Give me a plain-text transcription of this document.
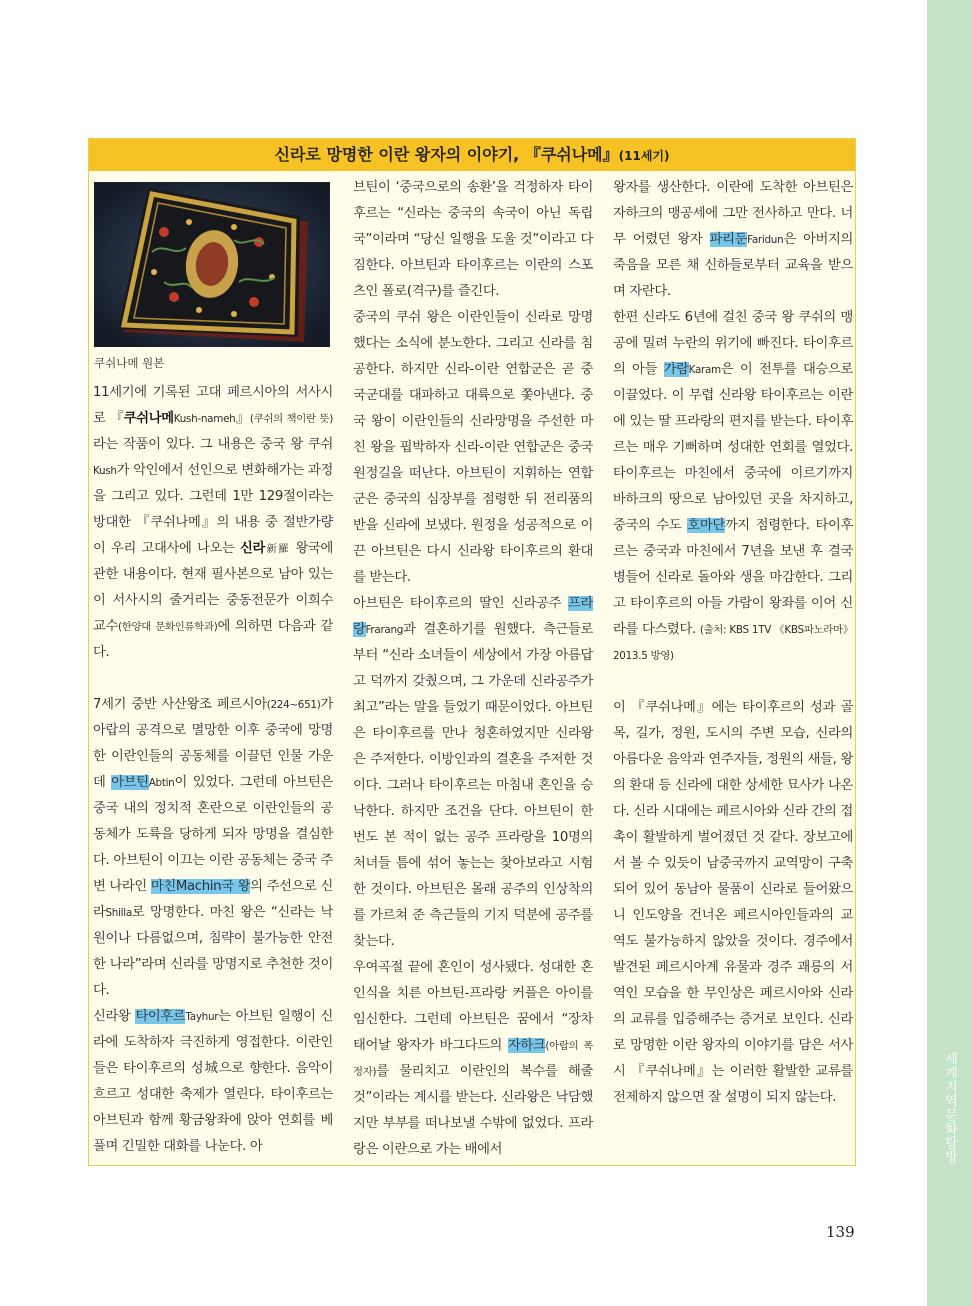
세계지역문화탐방
신라로 망명한 이란 왕자의 이야기, 『쿠쉬나메』(11세기)
쿠쉬나메 원본

11세기에 기록된 고대 페르시아의 서사시로 『쿠쉬나메Kush-nameh』(쿠쉬의 책이란 뜻)라는 작품이 있다. 그 내용은 중국 왕 쿠쉬Kush가 악인에서 선인으로 변화해가는 과정을 그리고 있다. 그런데 1만 129절이라는 방대한 『쿠쉬나메』의 내용 중 절반가량이 우리 고대사에 나오는 신라新羅 왕국에 관한 내용이다. 현재 필사본으로 남아 있는 이 서사시의 줄거리는 중동전문가 이희수 교수(한양대 문화인류학과)에 의하면 다음과 같다.

7세기 중반 사산왕조 페르시아(224~651)가 아랍의 공격으로 멸망한 이후 중국에 망명한 이란인들의 공동체를 이끌던 인물 가운데 아브틴Abtin이 있었다. 그런데 아브틴은 중국 내의 정치적 혼란으로 이란인들의 공동체가 도륙을 당하게 되자 망명을 결심한다. 아브틴이 이끄는 이란 공동체는 중국 주변 나라인 마친Machin국 왕의 주선으로 신라Shilla로 망명한다. 마친 왕은 “신라는 낙원이나 다름없으며, 침략이 불가능한 안전한 나라”라며 신라를 망명지로 추천한 것이다.

신라왕 타이후르Tayhur는 아브틴 일행이 신라에 도착하자 극진하게 영접한다. 이란인들은 타이후르의 성城으로 향한다. 음악이 흐르고 성대한 축제가 열린다. 타이후르는 아브틴과 함께 황금왕좌에 앉아 연회를 베풀며 긴밀한 대화를 나눈다. 아

브틴이 ‘중국으로의 송환’을 걱정하자 타이후르는 “신라는 중국의 속국이 아닌 독립국”이라며 “당신 일행을 도울 것”이라고 다짐한다. 아브틴과 타이후르는 이란의 스포츠인 폴로(격구)를 즐긴다.

중국의 쿠쉬 왕은 이란인들이 신라로 망명했다는 소식에 분노한다. 그리고 신라를 침공한다. 하지만 신라-이란 연합군은 곧 중국군대를 대파하고 대륙으로 쫓아낸다. 중국 왕이 이란인들의 신라망명을 주선한 마친 왕을 핍박하자 신라-이란 연합군은 중국 원정길을 떠난다. 아브틴이 지휘하는 연합군은 중국의 심장부를 점령한 뒤 전리품의 반을 신라에 보냈다. 원정을 성공적으로 이끈 아브틴은 다시 신라왕 타이후르의 환대를 받는다.

아브틴은 타이후르의 딸인 신라공주 프라랑Frarang과 결혼하기를 원했다. 측근들로부터 “신라 소녀들이 세상에서 가장 아름답고 덕까지 갖췄으며, 그 가운데 신라공주가 최고”라는 말을 들었기 때문이었다. 아브틴은 타이후르를 만나 청혼하였지만 신라왕은 주저한다. 이방인과의 결혼을 주저한 것이다. 그러나 타이후르는 마침내 혼인을 승낙한다. 하지만 조건을 단다. 아브틴이 한 번도 본 적이 없는 공주 프라랑을 10명의 처녀들 틈에 섞어 놓는는 찾아보라고 시험한 것이다. 아브틴은 몰래 공주의 인상착의를 가르쳐 준 측근들의 기지 덕분에 공주를 찾는다.

우여곡절 끝에 혼인이 성사됐다. 성대한 혼인식을 치른 아브틴-프라랑 커플은 아이를 임신한다. 그런데 아브틴은 꿈에서 “장차 태어날 왕자가 바그다드의 자하크(아랍의 폭정자)를 물리치고 이란인의 복수를 해줄 것”이라는 계시를 받는다. 신라왕은 낙담했지만 부부를 떠나보낼 수밖에 없었다. 프라랑은 이란으로 가는 배에서

왕자를 생산한다. 이란에 도착한 아브틴은 자하크의 맹공세에 그만 전사하고 만다. 너무 어렸던 왕자 파리둔Faridun은 아버지의 죽음을 모른 채 신하들로부터 교육을 받으며 자란다.

한편 신라도 6년에 걸친 중국 왕 쿠쉬의 맹공에 밀려 누란의 위기에 빠진다. 타이후르의 아들 가람Karam은 이 전투를 대승으로 이끌었다. 이 무렵 신라왕 타이후르는 이란에 있는 딸 프라랑의 편지를 받는다. 타이후르는 매우 기뻐하며 성대한 연회를 열었다. 타이후르는 마친에서 중국에 이르기까지 바하크의 땅으로 남아있던 곳을 차지하고, 중국의 수도 호마단까지 점령한다. 타이후르는 중국과 마친에서 7년을 보낸 후 결국 병들어 신라로 돌아와 생을 마감한다. 그리고 타이후르의 아들 가람이 왕좌를 이어 신라를 다스렸다. (출처: KBS 1TV 《KBS파노라마》 2013.5 방영)

이 『쿠쉬나메』에는 타이후르의 성과 골목, 길가, 정원, 도시의 주변 모습, 신라의 아름다운 음악과 연주자들, 정원의 새들, 왕의 환대 등 신라에 대한 상세한 묘사가 나온다. 신라 시대에는 페르시아와 신라 간의 접촉이 활발하게 벌어졌던 것 같다. 장보고에서 볼 수 있듯이 남중국까지 교역망이 구축되어 있어 동남아 물품이 신라로 들어왔으니 인도양을 건너온 페르시아인들과의 교역도 불가능하지 않았을 것이다. 경주에서 발견된 페르시아계 유물과 경주 괘릉의 서역인 모습을 한 무인상은 페르시아와 신라의 교류를 입증해주는 증거로 보인다. 신라로 망명한 이란 왕자의 이야기를 담은 서사시 『쿠쉬나메』는 이러한 활발한 교류를 전제하지 않으면 잘 설명이 되지 않는다.

139
